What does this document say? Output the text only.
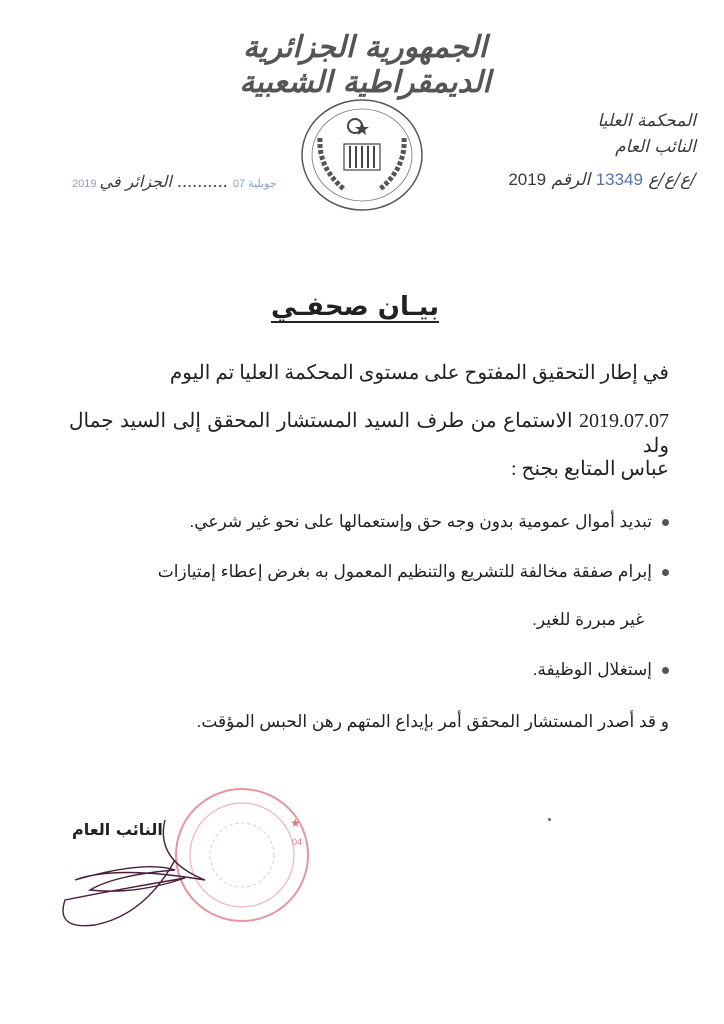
الجمهورية الجزائرية الديمقراطية الشعبية
المحكمة العليا
النائب العام
2019	/ع/ع/ع 13349 الرقم
2019 جويلية 07 .......... الجزائر في
بيـان صحفـي
في إطار التحقيق المفتوح على مستوى المحكمة العليا تم اليوم
2019.07.07 الاستماع من طرف السيد المستشار المحقق إلى السيد جمال ولد
عباس المتابع بجنح :
تبديد أموال عمومية بدون وجه حق وإستعمالها على نحو غير شرعي.
إبرام صفقة مخالفة للتشريع والتنظيم المعمول به بغرض إعطاء إمتيازات
غير مبررة للغير.
إستغلال الوظيفة.
و قد أصدر المستشار المحقق أمر بإيداع المتهم رهن الحبس المؤقت.
★
04
النائب العام
